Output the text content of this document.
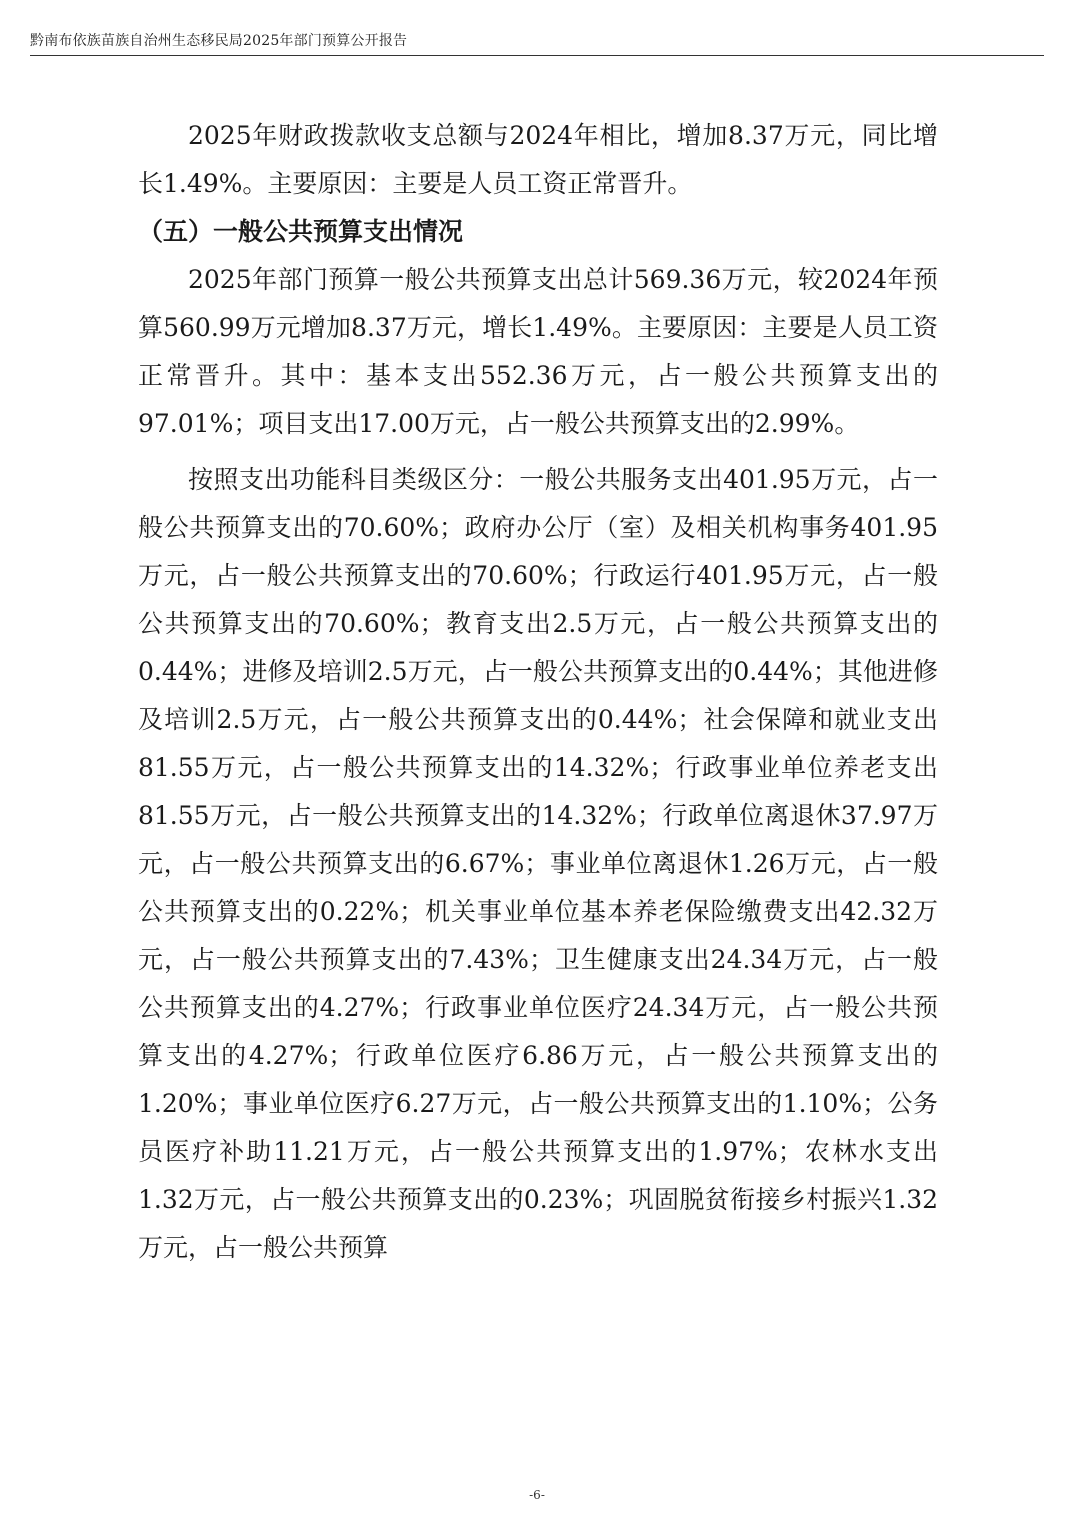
黔南布依族苗族自治州生态移民局2025年部门预算公开报告

2025年财政拨款收支总额与2024年相比，增加8.37万元，同比增长1.49%。主要原因：主要是人员工资正常晋升。

（五）一般公共预算支出情况

2025年部门预算一般公共预算支出总计569.36万元，较2024年预算560.99万元增加8.37万元，增长1.49%。主要原因：主要是人员工资正常晋升。其中：基本支出552.36万元，占一般公共预算支出的97.01%；项目支出17.00万元，占一般公共预算支出的2.99%。

按照支出功能科目类级区分：一般公共服务支出401.95万元，占一般公共预算支出的70.60%；政府办公厅（室）及相关机构事务401.95万元，占一般公共预算支出的70.60%；行政运行401.95万元，占一般公共预算支出的70.60%；教育支出2.5万元，占一般公共预算支出的0.44%；进修及培训2.5万元，占一般公共预算支出的0.44%；其他进修及培训2.5万元，占一般公共预算支出的0.44%；社会保障和就业支出81.55万元，占一般公共预算支出的14.32%；行政事业单位养老支出81.55万元，占一般公共预算支出的14.32%；行政单位离退休37.97万元，占一般公共预算支出的6.67%；事业单位离退休1.26万元，占一般公共预算支出的0.22%；机关事业单位基本养老保险缴费支出42.32万元，占一般公共预算支出的7.43%；卫生健康支出24.34万元，占一般公共预算支出的4.27%；行政事业单位医疗24.34万元，占一般公共预算支出的4.27%；行政单位医疗6.86万元，占一般公共预算支出的1.20%；事业单位医疗6.27万元，占一般公共预算支出的1.10%；公务员医疗补助11.21万元，占一般公共预算支出的1.97%；农林水支出1.32万元，占一般公共预算支出的0.23%；巩固脱贫衔接乡村振兴1.32万元，占一般公共预算

-6-
